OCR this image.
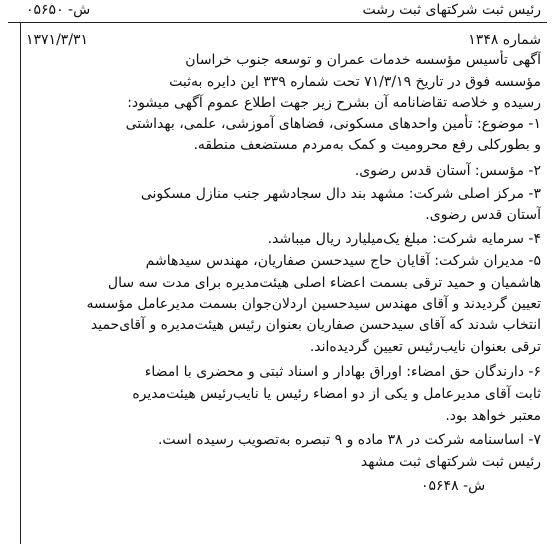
رئیس ثبت شرکتهای ثبت رشت
ش- ۰۵۶۵۰
شماره ۱۳۴۸
۱۳۷۱/۳/۳۱
آگهی تأسیس مؤسسه خدمات عمران و توسعه جنوب خراسان
مؤسسه فوق در تاریخ ۷۱/۳/۱۹ تحت شماره ۳۳۹ این دایره به‌ثبت
رسیده و خلاصه تقاضانامه آن بشرح زیر جهت اطلاع عموم آگهی میشود:
۱- موضوع: تأمین واحدهای مسکونی، فضاهای آموزشی، علمی، بهداشتی
و بطورکلی رفع محرومیت و کمک به‌مردم مستضعف منطقه.
۲- مؤسس: آستان قدس رضوی.
۳- مرکز اصلی شرکت: مشهد بند دال سجادشهر جنب منازل مسکونی
آستان قدس رضوی.
۴- سرمایه شرکت: مبلغ یک‌میلیارد ریال میباشد.
۵- مدیران شرکت: آقایان حاج سیدحسن صفاریان، مهندس سیدهاشم
هاشمیان و حمید ترقی بسمت اعضاء اصلی هیئت‌مدیره برای مدت سه سال
تعیین گردیدند و آقای مهندس سیدحسین اردلان‌جوان بسمت مدیرعامل مؤسسه
انتخاب شدند که آقای سیدحسن صفاریان بعنوان رئیس هیئت‌مدیره و آقای‌حمید
ترقی بعنوان نایب‌رئیس تعیین گردیده‌اند.
۶- دارندگان حق امضاء: اوراق بهادار و اسناد ثبتی و محضری با امضاء
ثابت آقای مدیرعامل و یکی از دو امضاء رئیس یا نایب‌رئیس هیئت‌مدیره
معتبر خواهد بود.
۷- اساسنامه شرکت در ۳۸ ماده و ۹ تبصره به‌تصویب رسیده است.
رئیس ثبت شرکتهای ثبت مشهد
ش- ۰۵۶۴۸
